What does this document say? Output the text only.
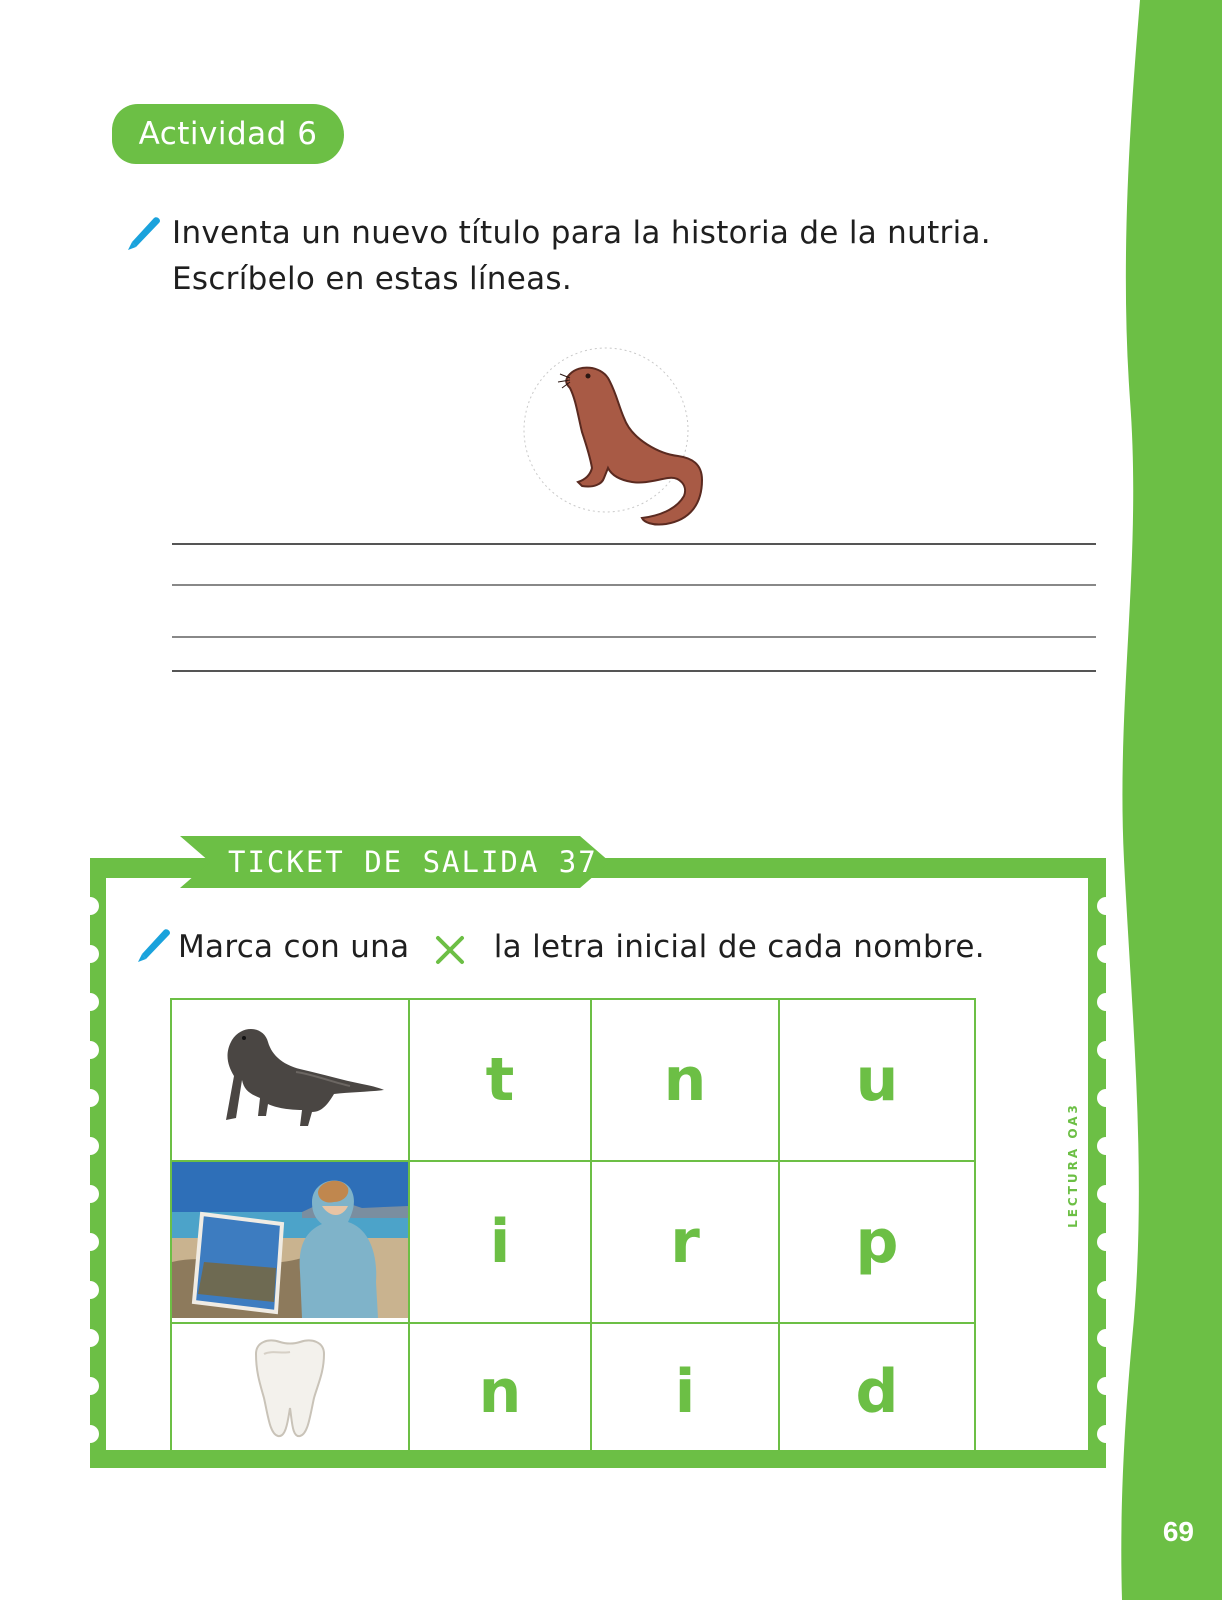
69
Actividad 6
Inventa un nuevo título para la historia de la nutria.
Escríbelo en estas líneas.
TICKET DE SALIDA 37
Marca con una	la letra inicial de cada nombre.
	t	n	u
	i	r	p
	n	i	d
LECTURA OA3
